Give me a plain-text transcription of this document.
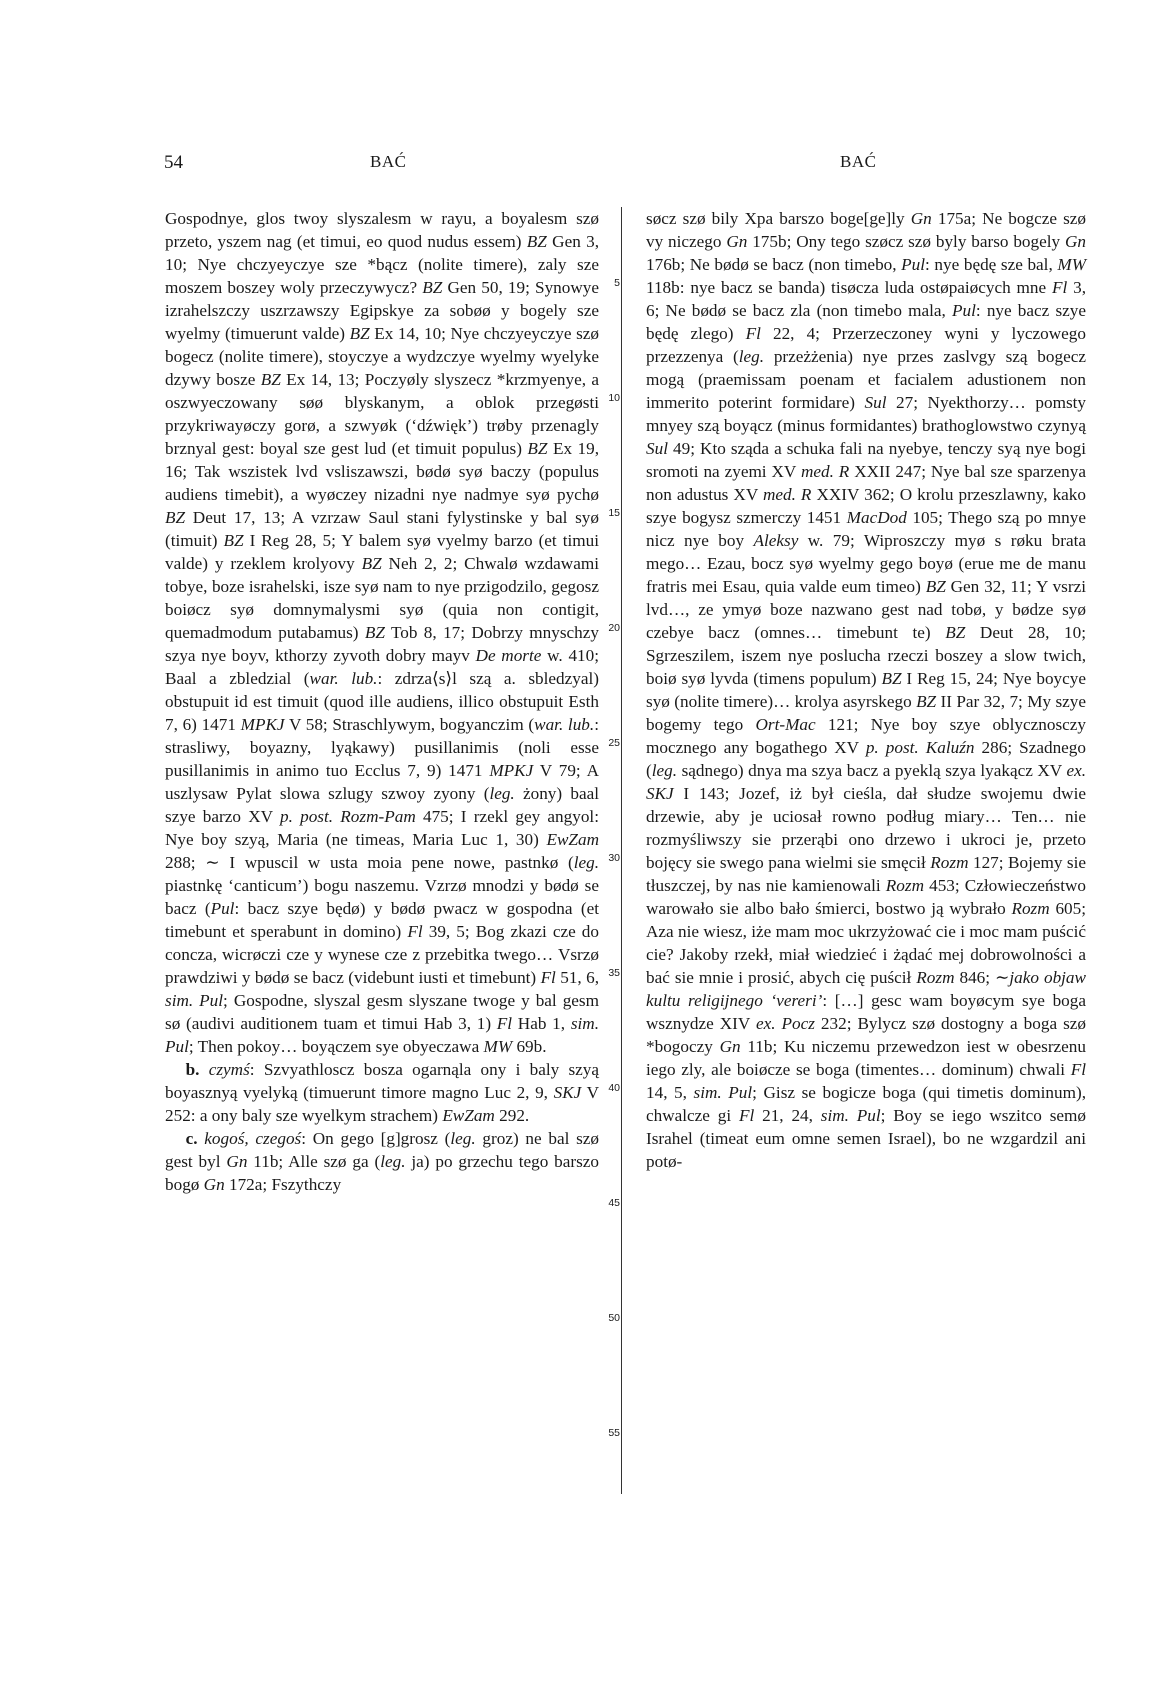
54	BAĆ	BAĆ

Gospodnye, glos twoy slyszalesm w rayu, a boyalesm szø przeto, yszem nag (et timui, eo quod nudus essem) BZ Gen 3, 10; Nye chczyeyczye sze *bącz (nolite timere), zaly sze moszem boszey woly przeczywycz? BZ Gen 50, 19; Synowye izrahelszczy uszrzawszy Egipskye za sobøø y bogely sze wyelmy (timuerunt valde) BZ Ex 14, 10; Nye chczyeyczye szø bogecz (nolite timere), stoyczye a wydzczye wyelmy wyelyke dzywy bosze BZ Ex 14, 13; Poczyøly slyszecz *krzmyenye, a oszwyeczowany søø blyskanym, a oblok przegøsti przykriwayøczy gorø, a szwyøk (‘dźwięk’) trøby przenagly brznyal gest: boyal sze gest lud (et timuit populus) BZ Ex 19, 16; Tak wszistek lvd vsliszawszi, bødø syø baczy (populus audiens timebit), a wyøczey nizadni nye nadmye syø pychø BZ Deut 17, 13; A vzrzaw Saul stani fylystinske y bal syø (timuit) BZ I Reg 28, 5; Y balem syø vyelmy barzo (et timui valde) y rzeklem krolyovy BZ Neh 2, 2; Chwalø wzdawami tobye, boze israhelski, isze syø nam to nye przigodzilo, gegosz boiøcz syø domnymalysmi syø (quia non contigit, quemadmodum putabamus) BZ Tob 8, 17; Dobrzy mnyschzy szya nye boyv, kthorzy zyvoth dobry mayv De morte w. 410; Baal a zbledzial (war. lub.: zdrza⟨s⟩l szą a. sbledzyal) obstupuit id est timuit (quod ille audiens, illico obstupuit Esth 7, 6) 1471 MPKJ V 58; Straschlywym, bogyanczim (war. lub.: strasliwy, boyazny, lyąkawy) pusillanimis (noli esse pusillanimis in animo tuo Ecclus 7, 9) 1471 MPKJ V 79; A uszlysaw Pylat slowa szlugy szwoy zyony (leg. żony) baal szye barzo XV p. post. Rozm-Pam 475; I rzekl gey angyol: Nye boy szyą, Maria (ne timeas, Maria Luc 1, 30) EwZam 288; ∼ I wpuscil w usta moia pene nowe, pastnkø (leg. piastnkę ‘canticum’) bogu naszemu. Vzrzø mnodzi y bødø se bacz (Pul: bacz szye będø) y bødø pwacz w gospodna (et timebunt et sperabunt in domino) Fl 39, 5; Bog zkazi cze do concza, wicrøczi cze y wynese cze z przebitka twego… Vsrzø prawdziwi y bødø se bacz (videbunt iusti et timebunt) Fl 51, 6, sim. Pul; Gospodne, slyszal gesm slyszane twoge y bal gesm sø (audivi auditionem tuam et timui Hab 3, 1) Fl Hab 1, sim. Pul; Then pokoy… boyączem sye obyeczawa MW 69b.

b. czymś: Szvyathloscz bosza ogarnąla ony i baly szyą boyasznyą vyelyką (timuerunt timore magno Luc 2, 9, SKJ V 252: a ony baly sze wyelkym strachem) EwZam 292.

c. kogoś, czegoś: On gego [g]grosz (leg. groz) ne bal szø gest byl Gn 11b; Alle szø ga (leg. ja) po grzechu tego barszo bogø Gn 172a; Fszythczy

5
10
15
20
25
30
35
40
45
50
55

søcz szø bily Xpa barszo boge[ge]ly Gn 175a; Ne bogcze szø vy niczego Gn 175b; Ony tego szøcz szø byly barso bogely Gn 176b; Ne bødø se bacz (non timebo, Pul: nye będę sze bal, MW 118b: nye bacz se banda) tisøcza luda ostøpaiøcych mne Fl 3, 6; Ne bødø se bacz zla (non timebo mala, Pul: nye bacz szye będę zlego) Fl 22, 4; Przerzeczoney wyni y lyczowego przezzenya (leg. przeżżenia) nye przes zaslvgy szą bogecz mogą (praemissam poenam et facialem adustionem non immerito poterint formidare) Sul 27; Nyekthorzy… pomsty mnyey szą boyącz (minus formidantes) brathoglowstwo czynyą Sul 49; Kto sząda a schuka fali na nyebye, tenczy syą nye bogi sromoti na zyemi XV med. R XXII 247; Nye bal sze sparzenya non adustus XV med. R XXIV 362; O krolu przeszlawny, kako szye bogysz szmerczy 1451 MacDod 105; Thego szą po mnye nicz nye boy Aleksy w. 79; Wiproszczy myø s røku brata mego… Ezau, bocz syø wyelmy gego boyø (erue me de manu fratris mei Esau, quia valde eum timeo) BZ Gen 32, 11; Y vsrzi lvd…, ze ymyø boze nazwano gest nad tobø, y bødze syø czebye bacz (omnes… timebunt te) BZ Deut 28, 10; Sgrzeszilem, iszem nye poslucha rzeczi boszey a slow twich, boiø syø lyvda (timens populum) BZ I Reg 15, 24; Nye boycye syø (nolite timere)… krolya asyrskego BZ II Par 32, 7; My szye bogemy tego Ort-Mac 121; Nye boy szye oblycznosczy mocznego any bogathego XV p. post. Kaluźn 286; Szadnego (leg. sądnego) dnya ma szya bacz a pyeklą szya lyakącz XV ex. SKJ I 143; Jozef, iż był cieśla, dał słudze swojemu dwie drzewie, aby je uciosał rowno podług miary… Ten… nie rozmyśliwszy sie przerąbi ono drzewo i ukroci je, przeto bojęcy sie swego pana wielmi sie smęcił Rozm 127; Bojemy sie tłuszczej, by nas nie kamienowali Rozm 453; Człowieczeństwo warowało sie albo bało śmierci, bostwo ją wybrało Rozm 605; Aza nie wiesz, iże mam moc ukrzyżować cie i moc mam puścić cie? Jakoby rzekł, miał wiedzieć i żądać mej dobrowolności a bać sie mnie i prosić, abych cię puścił Rozm 846; ∼jako objaw kultu religijnego ‘vereri’: […] gesc wam boyøcym sye boga wsznydze XIV ex. Pocz 232; Bylycz szø dostogny a boga szø *bogoczy Gn 11b; Ku niczemu przewedzon iest w obesrzenu iego zly, ale boiøcze se boga (timentes… dominum) chwali Fl 14, 5, sim. Pul; Gisz se bogicze boga (qui timetis dominum), chwalcze gi Fl 21, 24, sim. Pul; Boy se iego wszitco semø Israhel (timeat eum omne semen Israel), bo ne wzgardzil ani potø-
